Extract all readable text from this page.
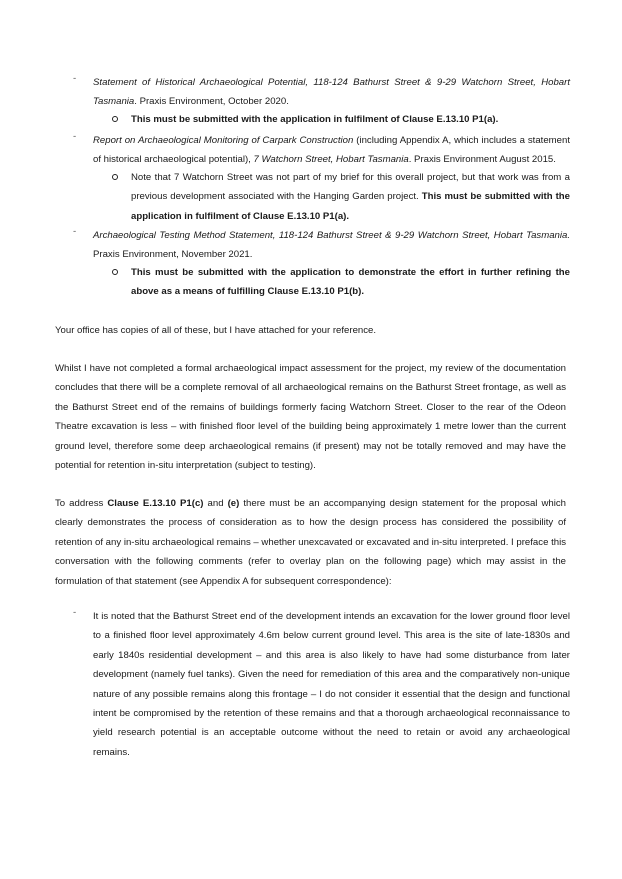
-	Statement of Historical Archaeological Potential, 118-124 Bathurst Street & 9-29 Watchorn Street, Hobart Tasmania. Praxis Environment, October 2020.
This must be submitted with the application in fulfilment of Clause E.13.10 P1(a).
-	Report on Archaeological Monitoring of Carpark Construction (including Appendix A, which includes a statement of historical archaeological potential), 7 Watchorn Street, Hobart Tasmania. Praxis Environment August 2015.
Note that 7 Watchorn Street was not part of my brief for this overall project, but that work was from a previous development associated with the Hanging Garden project. This must be submitted with the application in fulfilment of Clause E.13.10 P1(a).
-	Archaeological Testing Method Statement, 118-124 Bathurst Street & 9-29 Watchorn Street, Hobart Tasmania. Praxis Environment, November 2021.
This must be submitted with the application to demonstrate the effort in further refining the above as a means of fulfilling Clause E.13.10 P1(b).
Your office has copies of all of these, but I have attached for your reference.
Whilst I have not completed a formal archaeological impact assessment for the project, my review of the documentation concludes that there will be a complete removal of all archaeological remains on the Bathurst Street frontage, as well as the Bathurst Street end of the remains of buildings formerly facing Watchorn Street. Closer to the rear of the Odeon Theatre excavation is less – with finished floor level of the building being approximately 1 metre lower than the current ground level, therefore some deep archaeological remains (if present) may not be totally removed and may have the potential for retention in-situ interpretation (subject to testing).
To address Clause E.13.10 P1(c) and (e) there must be an accompanying design statement for the proposal which clearly demonstrates the process of consideration as to how the design process has considered the possibility of retention of any in-situ archaeological remains – whether unexcavated or excavated and in-situ interpreted. I preface this conversation with the following comments (refer to overlay plan on the following page) which may assist in the formulation of that statement (see Appendix A for subsequent correspondence):
-	It is noted that the Bathurst Street end of the development intends an excavation for the lower ground floor level to a finished floor level approximately 4.6m below current ground level. This area is the site of late-1830s and early 1840s residential development – and this area is also likely to have had some disturbance from later development (namely fuel tanks). Given the need for remediation of this area and the comparatively non-unique nature of any possible remains along this frontage – I do not consider it essential that the design and functional intent be compromised by the retention of these remains and that a thorough archaeological reconnaissance to yield research potential is an acceptable outcome without the need to retain or avoid any archaeological remains.
